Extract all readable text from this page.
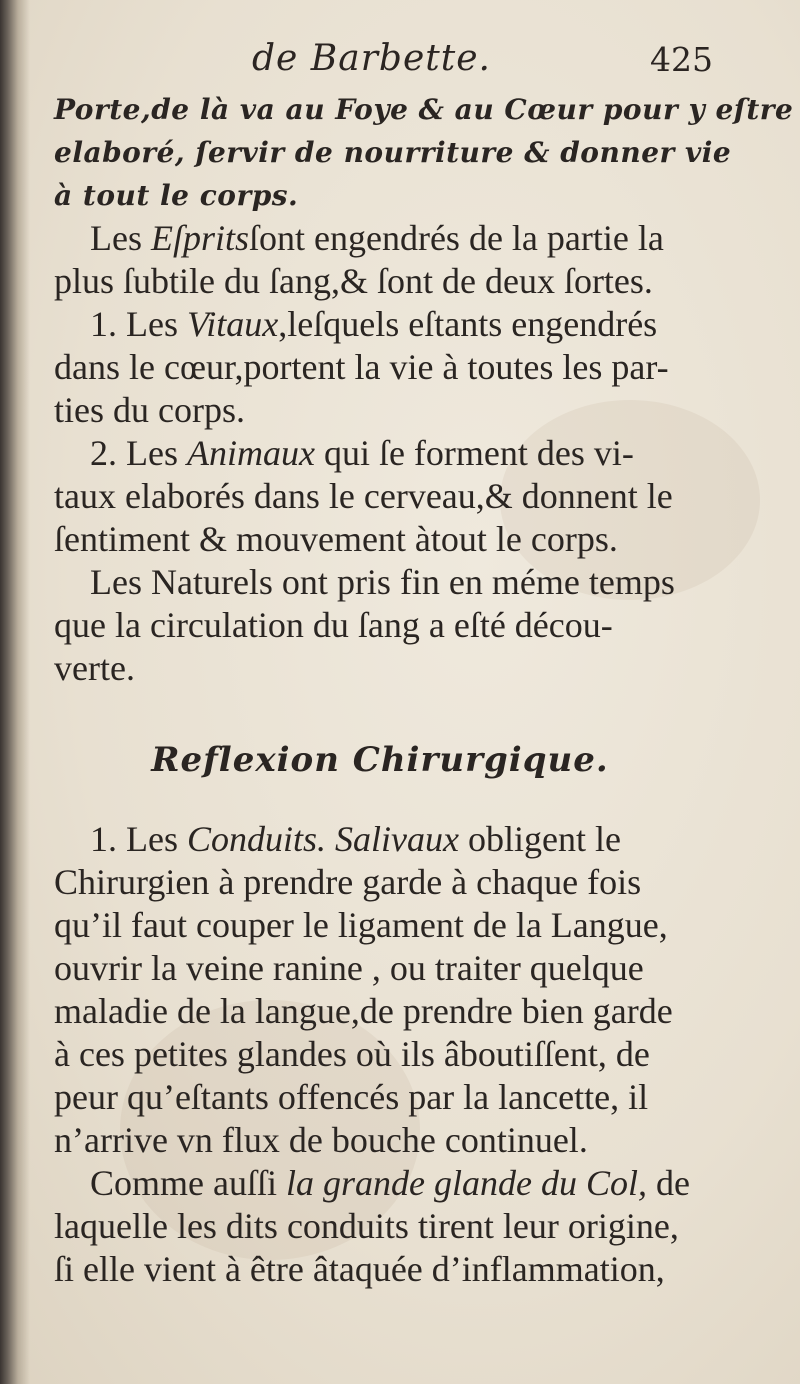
de Barbette.	425
Porte,de là va au Foye & au Cœur pour y eſtre
elaboré, ſervir de nourriture & donner vie
à tout le corps.
Les Eſpritsſont engendrés de la partie la
plus ſubtile du ſang,& ſont de deux ſortes.
1. Les Vitaux,leſquels eſtants engendrés
dans le cœur,portent la vie à toutes les par-
ties du corps.
2. Les Animaux qui ſe forment des vi-
taux elaborés dans le cerveau,& donnent le
ſentiment & mouvement àtout le corps.
Les Naturels ont pris fin en méme temps
que la circulation du ſang a eſté décou-
verte.
Reflexion Chirurgique.
1. Les Conduits. Salivaux obligent le
Chirurgien à prendre garde à chaque fois
qu’il faut couper le ligament de la Langue,
ouvrir la veine ranine , ou traiter quelque
maladie de la langue,de prendre bien garde
à ces petites glandes où ils âboutiſſent, de
peur qu’eſtants offencés par la lancette, il
n’arrive vn flux de bouche continuel.
Comme auſſi la grande glande du Col, de
laquelle les dits conduits tirent leur origine,
ſi elle vient à être âtaquée d’inflammation,
